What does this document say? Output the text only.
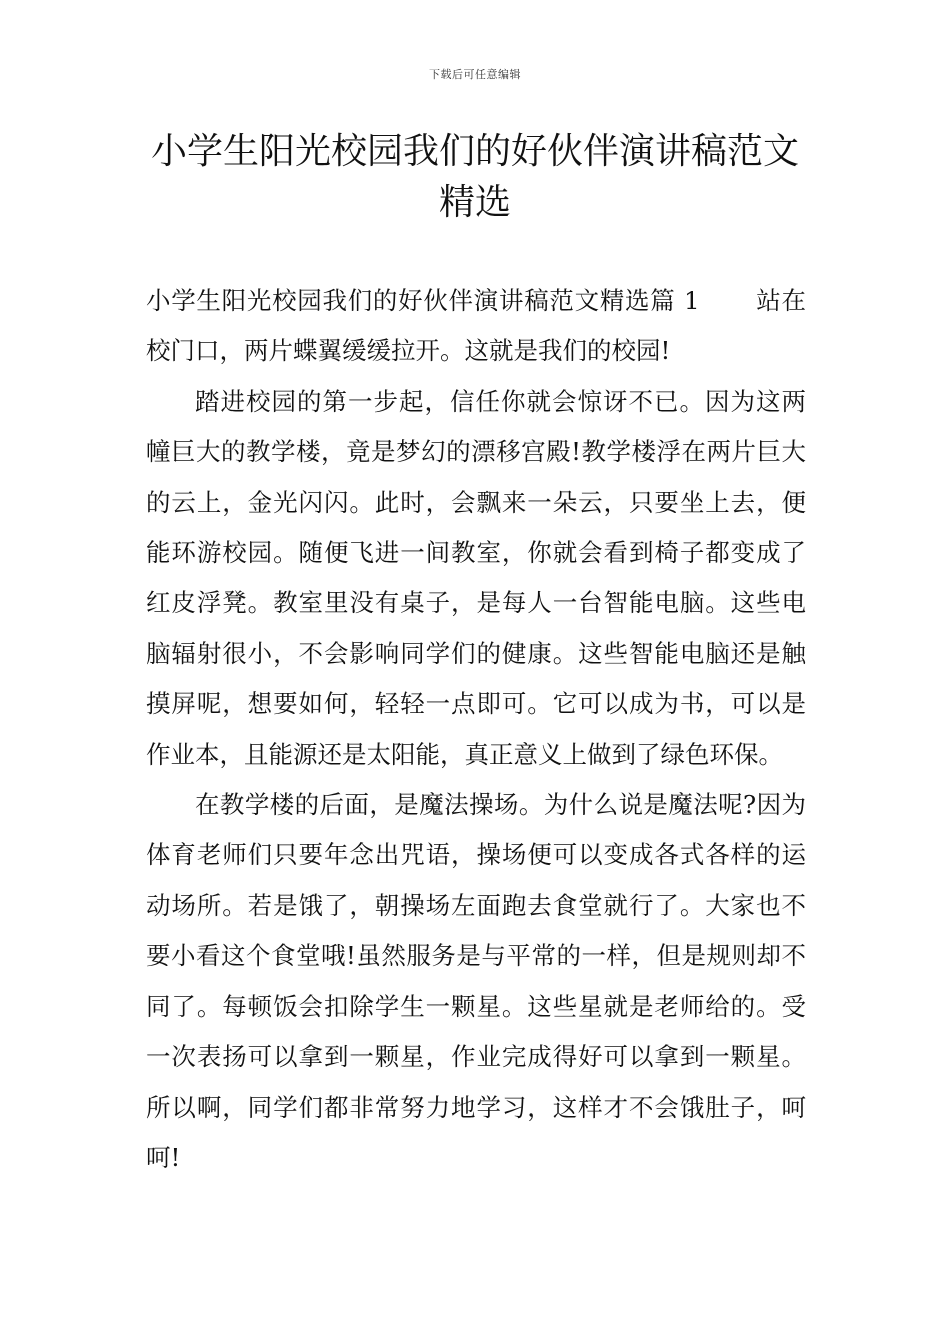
下载后可任意编辑
小学生阳光校园我们的好伙伴演讲稿范文精选

小学生阳光校园我们的好伙伴演讲稿范文精选篇 1 站在校门口，两片蝶翼缓缓拉开。这就是我们的校园!

踏进校园的第一步起，信任你就会惊讶不已。因为这两幢巨大的教学楼，竟是梦幻的漂移宫殿!教学楼浮在两片巨大的云上，金光闪闪。此时，会飘来一朵云，只要坐上去，便能环游校园。随便飞进一间教室，你就会看到椅子都变成了红皮浮凳。教室里没有桌子，是每人一台智能电脑。这些电脑辐射很小，不会影响同学们的健康。这些智能电脑还是触摸屏呢，想要如何，轻轻一点即可。它可以成为书，可以是作业本，且能源还是太阳能，真正意义上做到了绿色环保。

在教学楼的后面，是魔法操场。为什么说是魔法呢?因为体育老师们只要年念出咒语，操场便可以变成各式各样的运动场所。若是饿了，朝操场左面跑去食堂就行了。大家也不要小看这个食堂哦!虽然服务是与平常的一样，但是规则却不同了。每顿饭会扣除学生一颗星。这些星就是老师给的。受一次表扬可以拿到一颗星，作业完成得好可以拿到一颗星。所以啊，同学们都非常努力地学习，这样才不会饿肚子，呵呵!
